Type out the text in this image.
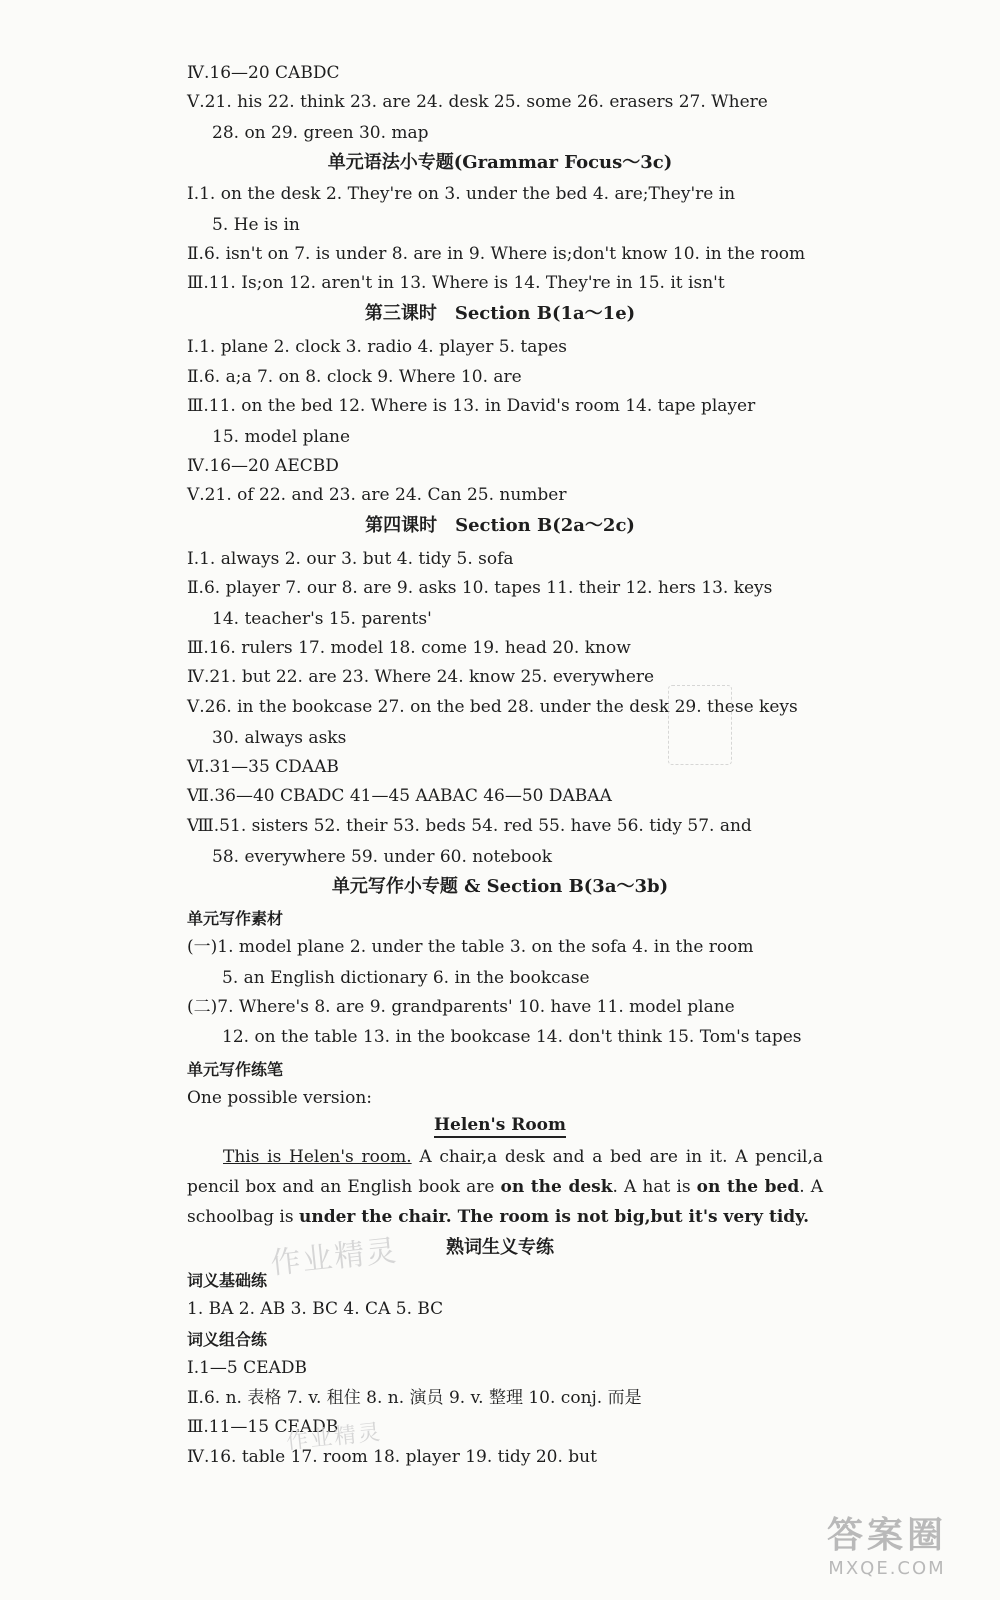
Ⅳ.16—20 CABDC
Ⅴ.21. his 22. think 23. are 24. desk 25. some 26. erasers 27. Where
28. on 29. green 30. map
单元语法小专题(Grammar Focus～3c)
Ⅰ.1. on the desk 2. They're on 3. under the bed 4. are;They're in
5. He is in
Ⅱ.6. isn't on 7. is under 8. are in 9. Where is;don't know 10. in the room
Ⅲ.11. Is;on 12. aren't in 13. Where is 14. They're in 15. it isn't
第三课时　Section B(1a～1e)
Ⅰ.1. plane 2. clock 3. radio 4. player 5. tapes
Ⅱ.6. a;a 7. on 8. clock 9. Where 10. are
Ⅲ.11. on the bed 12. Where is 13. in David's room 14. tape player
15. model plane
Ⅳ.16—20 AECBD
Ⅴ.21. of 22. and 23. are 24. Can 25. number
第四课时　Section B(2a～2c)
Ⅰ.1. always 2. our 3. but 4. tidy 5. sofa
Ⅱ.6. player 7. our 8. are 9. asks 10. tapes 11. their 12. hers 13. keys
14. teacher's 15. parents'
Ⅲ.16. rulers 17. model 18. come 19. head 20. know
Ⅳ.21. but 22. are 23. Where 24. know 25. everywhere
Ⅴ.26. in the bookcase 27. on the bed 28. under the desk 29. these keys
30. always asks
Ⅵ.31—35 CDAAB
Ⅶ.36—40 CBADC 41—45 AABAC 46—50 DABAA
Ⅷ.51. sisters 52. their 53. beds 54. red 55. have 56. tidy 57. and
58. everywhere 59. under 60. notebook
单元写作小专题 & Section B(3a～3b)
单元写作素材
(一)1. model plane 2. under the table 3. on the sofa 4. in the room
5. an English dictionary 6. in the bookcase
(二)7. Where's 8. are 9. grandparents' 10. have 11. model plane
12. on the table 13. in the bookcase 14. don't think 15. Tom's tapes
单元写作练笔
One possible version:
Helen's Room
This is Helen's room. A chair,a desk and a bed are in it. A pencil,a pencil box and an English book are on the desk. A hat is on the bed. A schoolbag is under the chair. The room is not big,but it's very tidy.
熟词生义专练
词义基础练
1. BA 2. AB 3. BC 4. CA 5. BC
词义组合练
Ⅰ.1—5 CEADB
Ⅱ.6. n. 表格 7. v. 租住 8. n. 演员 9. v. 整理 10. conj. 而是
Ⅲ.11—15 CEADB
Ⅳ.16. table 17. room 18. player 19. tidy 20. but
作业精灵
作业精灵
答案圈
MXQE.COM
